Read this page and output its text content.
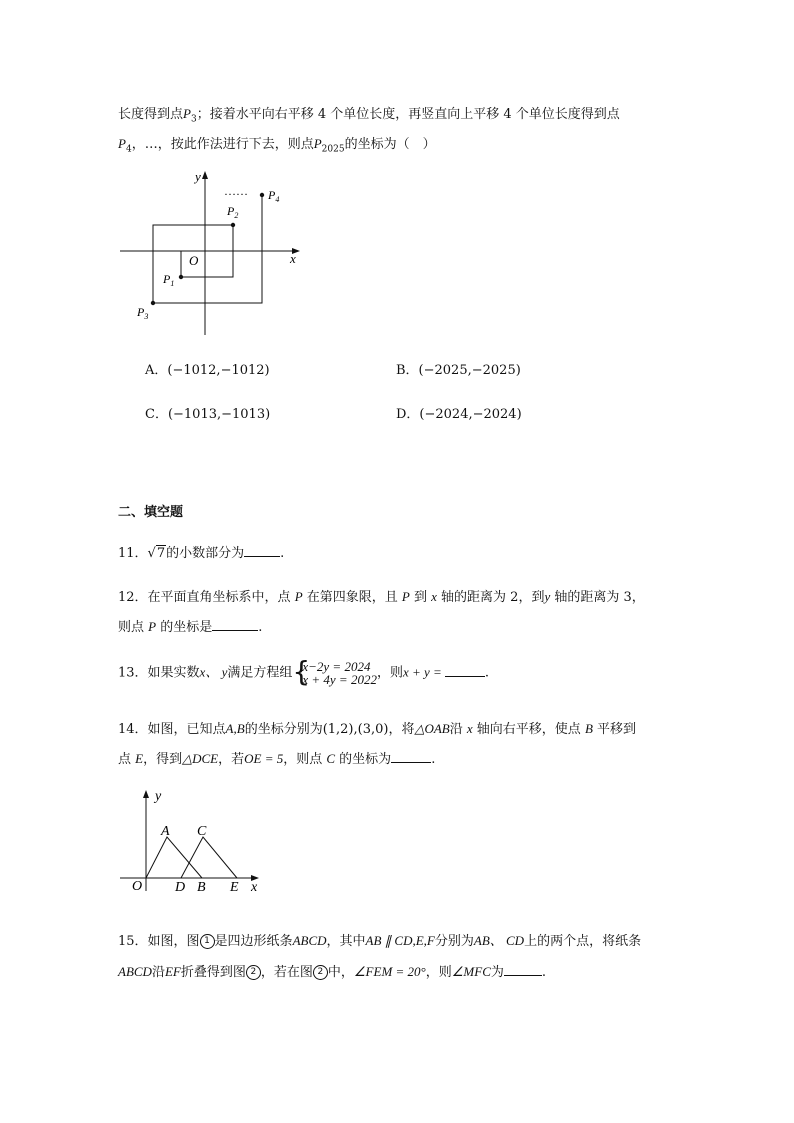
长度得到点$P_3$；接着水平向右平移 4 个单位长度，再竖直向上平移 4 个单位长度得到点
$P_4$，…，按此作法进行下去，则点$P_{2025}$的坐标为（　）
y
x
O
$P_1$
$P_2$
$P_3$
$P_4$
……
A．(−1012,−1012)	B．(−2025,−2025)
C．(−1013,−1013)	D．(−2024,−2024)
二、填空题
11．√7的小数部分为	.
12．在平面直角坐标系中，点 P 在第四象限，且 P 到 x 轴的距离为 2，到y 轴的距离为 3，
则点 P 的坐标是	.
13．如果实数x、 y满足方程组 {
x−2y = 2024
x + 4y = 2022 ，则x + y =	.
14．如图，已知点A,B的坐标分别为(1,2),(3,0)，将△OAB沿 x 轴向右平移，使点 B 平移到
点 E，得到△DCE，若OE = 5，则点 C 的坐标为	.
y
x
O
A C
D B E
15．如图，图 1 是四边形纸条ABCD，其中AB ∥ CD,E,F分别为AB、 CD上的两个点，将纸条
ABCD沿EF折叠得到图 2 ，若在图 2 中，∠FEM = 20°，则∠MFC为	.
